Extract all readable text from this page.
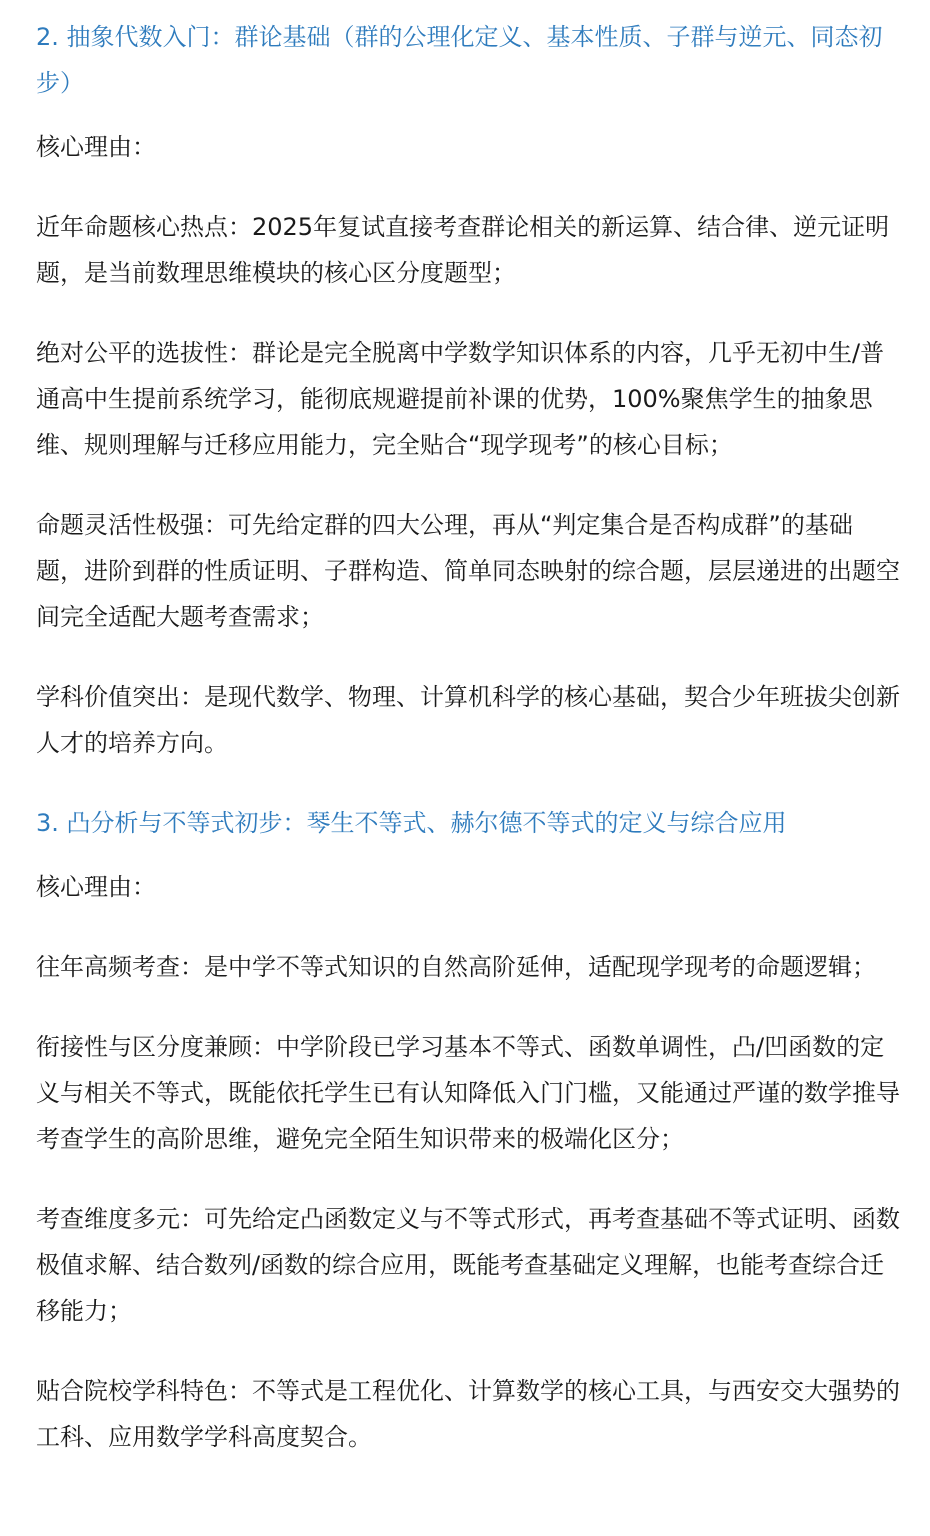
2. 抽象代数入门：群论基础（群的公理化定义、基本性质、子群与逆元、同态初步）

核心理由：

近年命题核心热点：2025年复试直接考查群论相关的新运算、结合律、逆元证明题，是当前数理思维模块的核心区分度题型；

绝对公平的选拔性：群论是完全脱离中学数学知识体系的内容，几乎无初中生/普通高中生提前系统学习，能彻底规避提前补课的优势，100%聚焦学生的抽象思维、规则理解与迁移应用能力，完全贴合“现学现考”的核心目标；

命题灵活性极强：可先给定群的四大公理，再从“判定集合是否构成群”的基础题，进阶到群的性质证明、子群构造、简单同态映射的综合题，层层递进的出题空间完全适配大题考查需求；

学科价值突出：是现代数学、物理、计算机科学的核心基础，契合少年班拔尖创新人才的培养方向。

3. 凸分析与不等式初步：琴生不等式、赫尔德不等式的定义与综合应用

核心理由：

往年高频考查：是中学不等式知识的自然高阶延伸，适配现学现考的命题逻辑；

衔接性与区分度兼顾：中学阶段已学习基本不等式、函数单调性，凸/凹函数的定义与相关不等式，既能依托学生已有认知降低入门门槛，又能通过严谨的数学推导考查学生的高阶思维，避免完全陌生知识带来的极端化区分；

考查维度多元：可先给定凸函数定义与不等式形式，再考查基础不等式证明、函数极值求解、结合数列/函数的综合应用，既能考查基础定义理解，也能考查综合迁移能力；

贴合院校学科特色：不等式是工程优化、计算数学的核心工具，与西安交大强势的工科、应用数学学科高度契合。
